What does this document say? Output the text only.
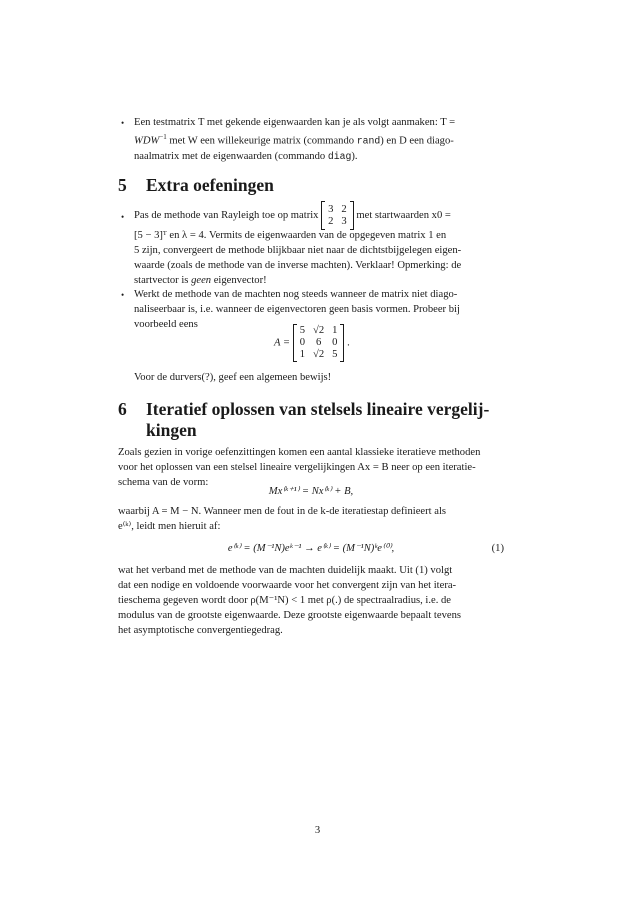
• Een testmatrix T met gekende eigenwaarden kan je als volgt aanmaken: T =
$WDW^{-1}$ met W een willekeurige matrix (commando rand) en D een diago-
naalmatrix met de eigenwaarden (commando diag).
5 Extra oefeningen
• Pas de methode van Rayleigh toe op matrix 3	2
2	3 met startwaarden x0 =
[5 − 3]ᵀ en λ = 4. Vermits de eigenwaarden van de opgegeven matrix 1 en
5 zijn, convergeert de methode blijkbaar niet naar de dichtstbijgelegen eigen-
waarde (zoals de methode van de inverse machten). Verklaar! Opmerking: de
startvector is geen eigenvector!
• Werkt de methode van de machten nog steeds wanneer de matrix niet diago-
naliseerbaar is, i.e. wanneer de eigenvectoren geen basis vormen. Probeer bij
voorbeeld eens
A = 5	√2	1
0	6	0
1	√2	5 .
Voor de durvers(?), geef een algemeen bewijs!
6 Iteratief oplossen van stelsels lineaire vergelij-
kingen
Zoals gezien in vorige oefenzittingen komen een aantal klassieke iteratieve methoden
voor het oplossen van een stelsel lineaire vergelijkingen Ax = B neer op een iteratie-
schema van de vorm:
Mx⁽ᵏ⁺¹⁾ = Nx⁽ᵏ⁾ + B,
waarbij A = M − N. Wanneer men de fout in de k-de iteratiestap definieert als
e⁽ᵏ⁾, leidt men hieruit af:
e⁽ᵏ⁾ = (M⁻¹N)eᵏ⁻¹ → e⁽ᵏ⁾ = (M⁻¹N)ᵏe⁽⁰⁾,	(1)
wat het verband met de methode van de machten duidelijk maakt. Uit (1) volgt
dat een nodige en voldoende voorwaarde voor het convergent zijn van het itera-
tieschema gegeven wordt door ρ(M⁻¹N) < 1 met ρ(.) de spectraalradius, i.e. de
modulus van de grootste eigenwaarde. Deze grootste eigenwaarde bepaalt tevens
het asymptotische convergentiegedrag.
3
